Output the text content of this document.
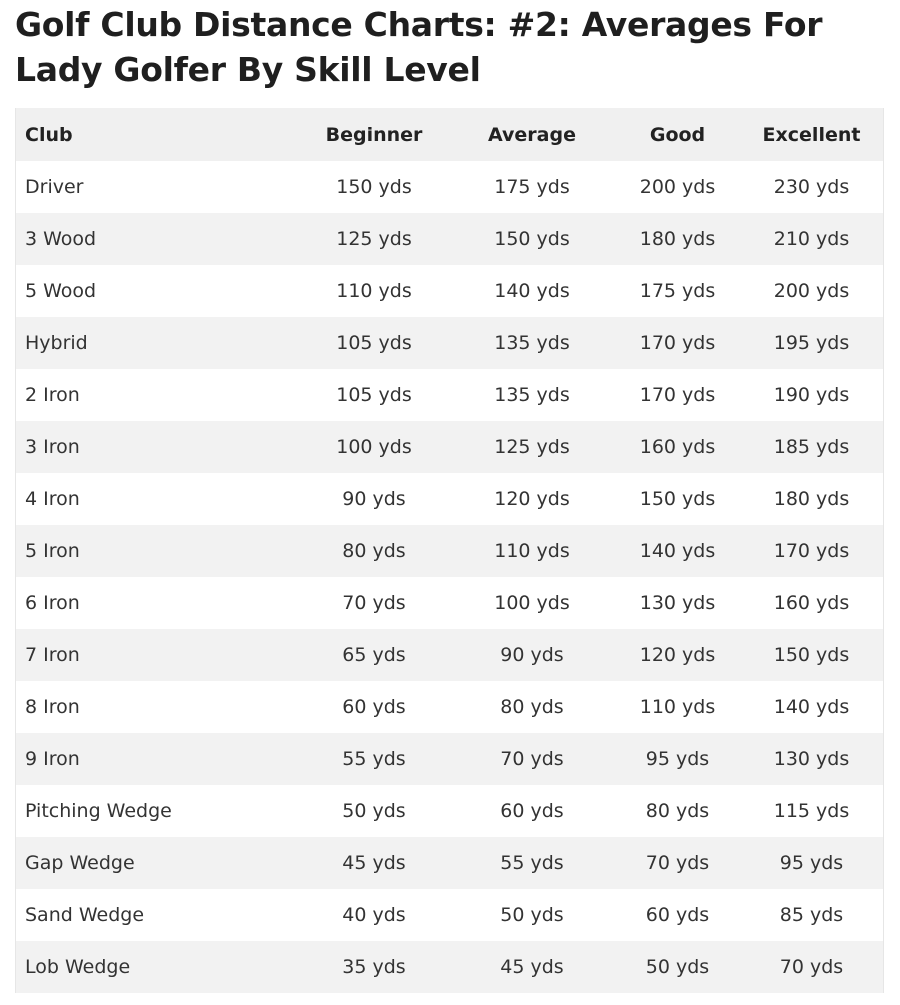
Golf Club Distance Charts: #2: Averages For Lady Golfer By Skill Level
Club	Beginner	Average	Good	Excellent
Driver	150 yds	175 yds	200 yds	230 yds
3 Wood	125 yds	150 yds	180 yds	210 yds
5 Wood	110 yds	140 yds	175 yds	200 yds
Hybrid	105 yds	135 yds	170 yds	195 yds
2 Iron	105 yds	135 yds	170 yds	190 yds
3 Iron	100 yds	125 yds	160 yds	185 yds
4 Iron	90 yds	120 yds	150 yds	180 yds
5 Iron	80 yds	110 yds	140 yds	170 yds
6 Iron	70 yds	100 yds	130 yds	160 yds
7 Iron	65 yds	90 yds	120 yds	150 yds
8 Iron	60 yds	80 yds	110 yds	140 yds
9 Iron	55 yds	70 yds	95 yds	130 yds
Pitching Wedge	50 yds	60 yds	80 yds	115 yds
Gap Wedge	45 yds	55 yds	70 yds	95 yds
Sand Wedge	40 yds	50 yds	60 yds	85 yds
Lob Wedge	35 yds	45 yds	50 yds	70 yds
